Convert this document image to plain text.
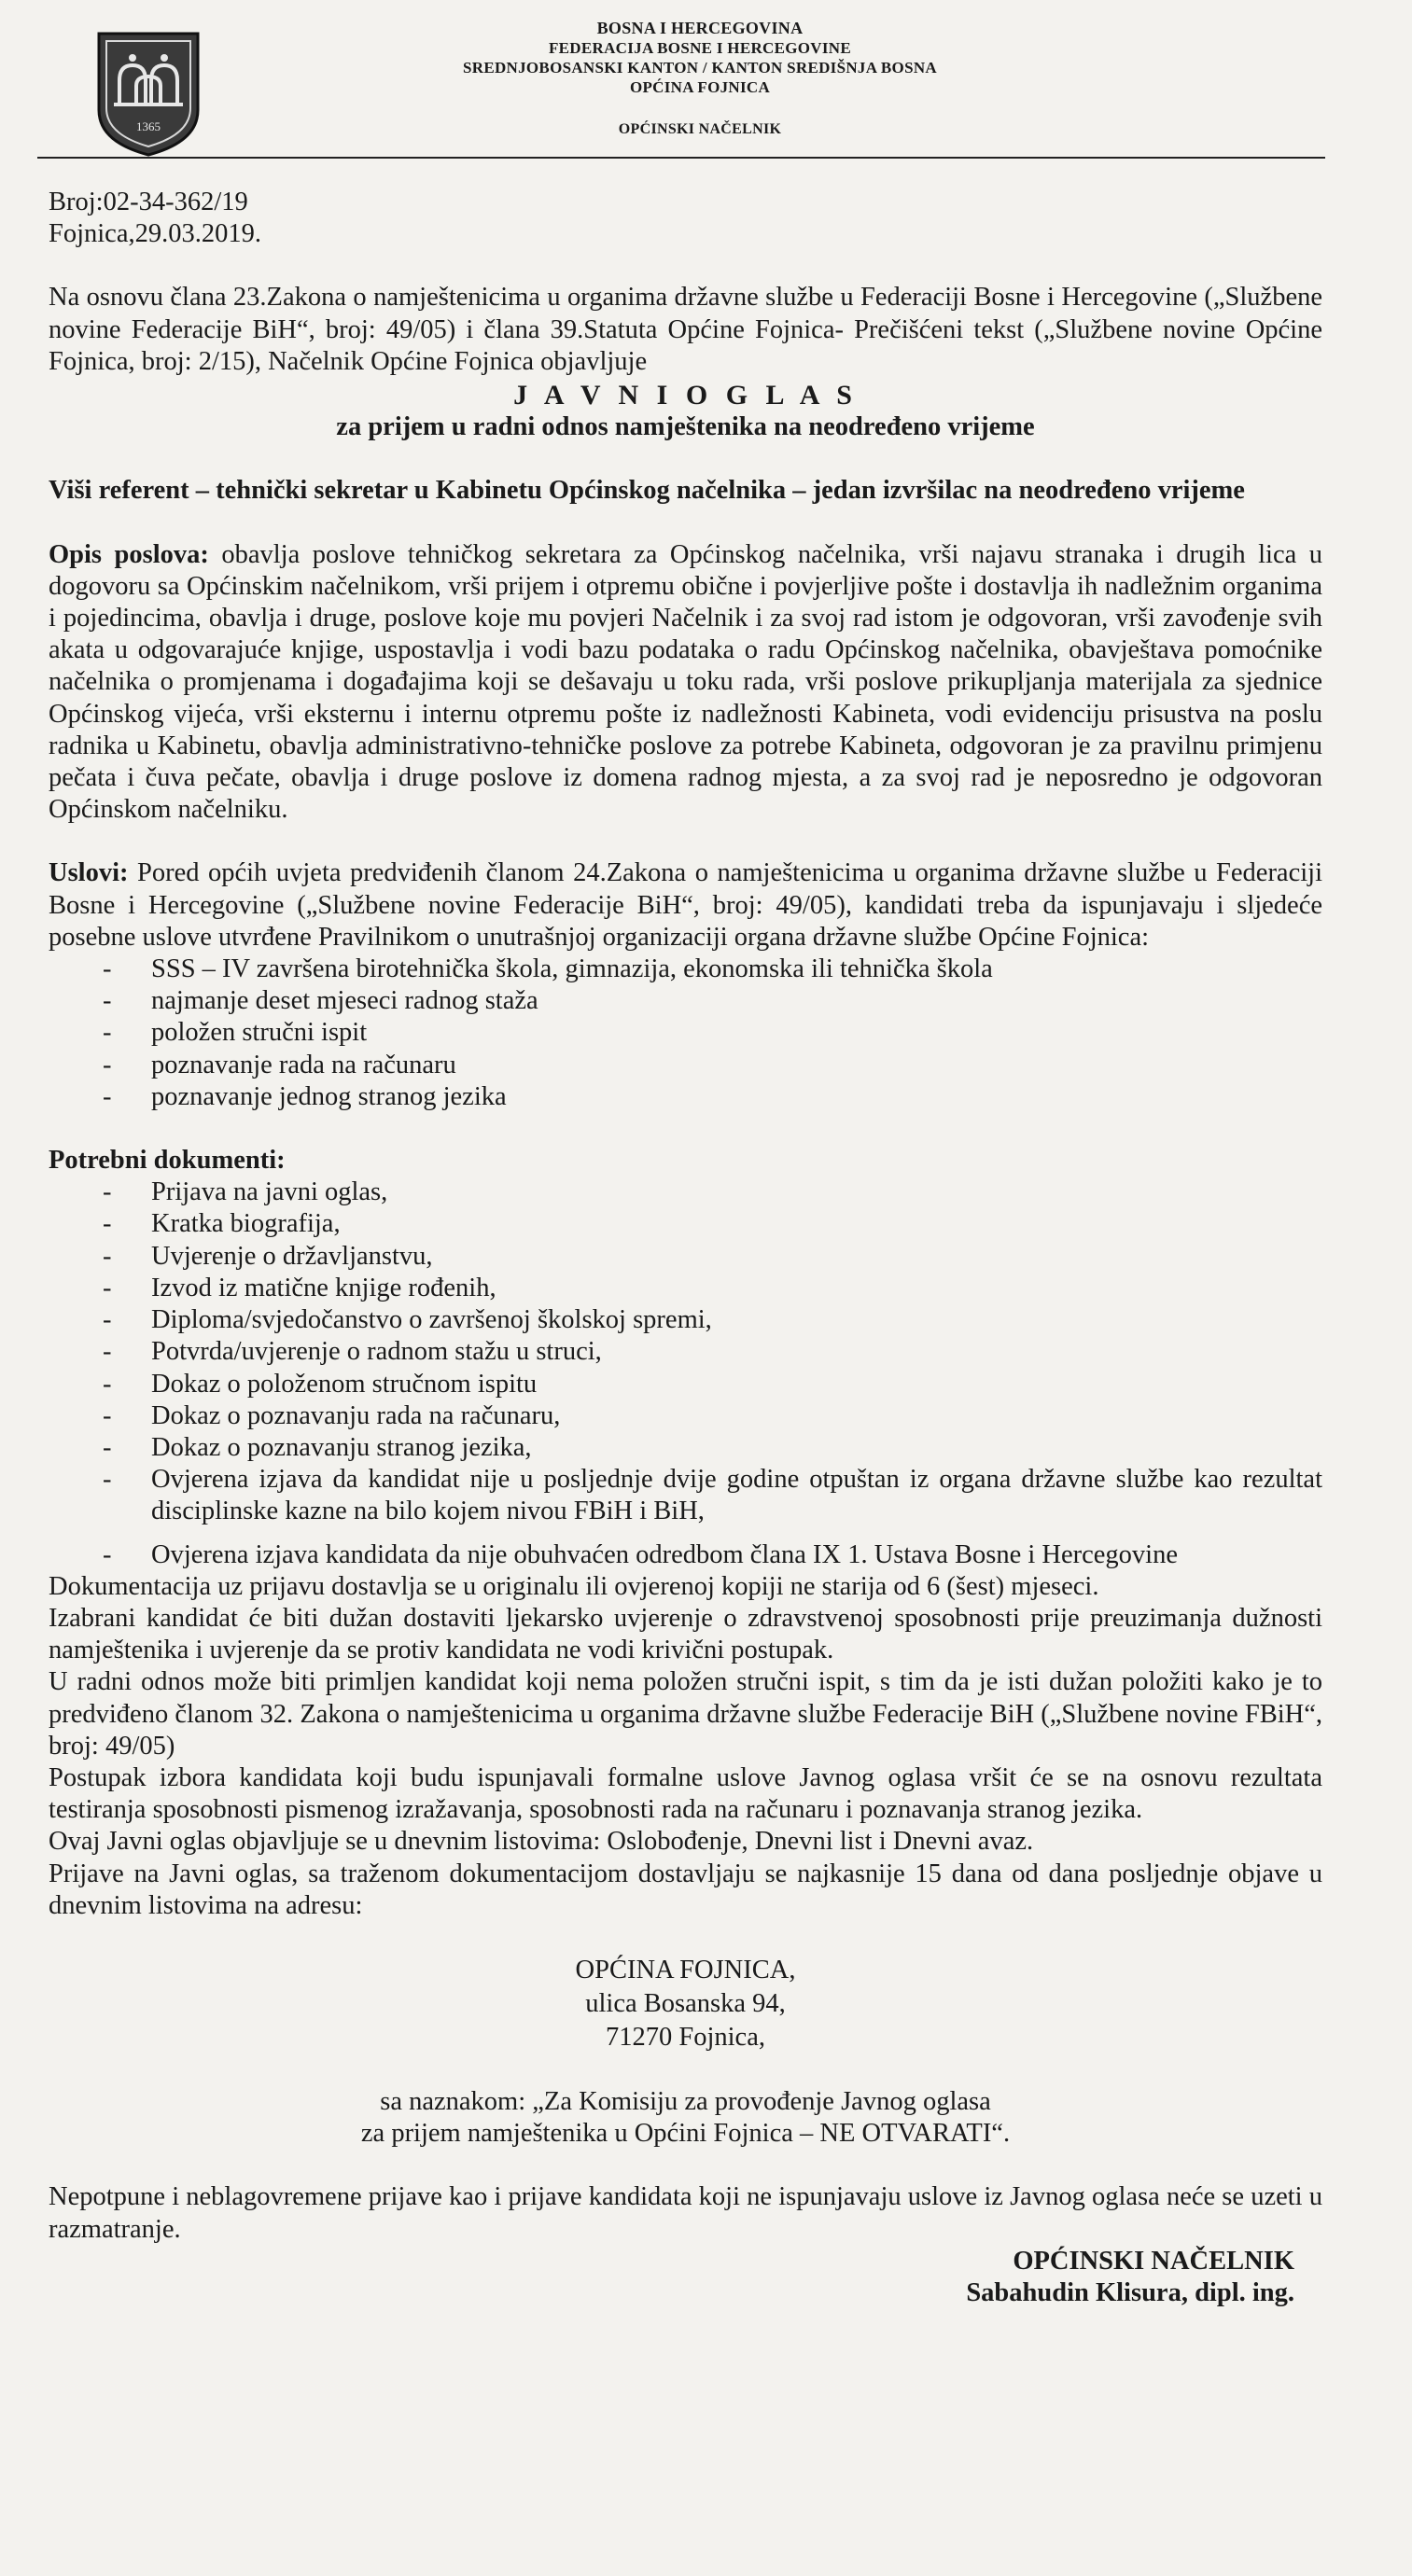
1365
BOSNA I HERCEGOVINA
FEDERACIJA BOSNE I HERCEGOVINE
SREDNJOBOSANSKI KANTON / KANTON SREDIŠNJA BOSNA
OPĆINA FOJNICA
OPĆINSKI NAČELNIK

Broj:02-34-362/19

Fojnica,29.03.2019.

Na osnovu člana 23.Zakona o namještenicima u organima državne službe u Federaciji Bosne i Hercegovine („Službene novine Federacije BiH“, broj: 49/05) i člana 39.Statuta Općine Fojnica- Prečišćeni tekst („Službene novine Općine Fojnica, broj: 2/15), Načelnik Općine Fojnica objavljuje

J A V N I O G L A S
za prijem u radni odnos namještenika na neodređeno vrijeme

Viši referent – tehnički sekretar u Kabinetu Općinskog načelnika – jedan izvršilac na neodređeno vrijeme

Opis poslova: obavlja poslove tehničkog sekretara za Općinskog načelnika, vrši najavu stranaka i drugih lica u dogovoru sa Općinskim načelnikom, vrši prijem i otpremu obične i povjerljive pošte i dostavlja ih nadležnim organima i pojedincima, obavlja i druge, poslove koje mu povjeri Načelnik i za svoj rad istom je odgovoran, vrši zavođenje svih akata u odgovarajuće knjige, uspostavlja i vodi bazu podataka o radu Općinskog načelnika, obavještava pomoćnike načelnika o promjenama i događajima koji se dešavaju u toku rada, vrši poslove prikupljanja materijala za sjednice Općinskog vijeća, vrši eksternu i internu otpremu pošte iz nadležnosti Kabineta, vodi evidenciju prisustva na poslu radnika u Kabinetu, obavlja administrativno-tehničke poslove za potrebe Kabineta, odgovoran je za pravilnu primjenu pečata i čuva pečate, obavlja i druge poslove iz domena radnog mjesta, a za svoj rad je neposredno je odgovoran Općinskom načelniku.

Uslovi: Pored općih uvjeta predviđenih članom 24.Zakona o namještenicima u organima državne službe u Federaciji Bosne i Hercegovine („Službene novine Federacije BiH“, broj: 49/05), kandidati treba da ispunjavaju i sljedeće posebne uslove utvrđene Pravilnikom o unutrašnjoj organizaciji organa državne službe Općine Fojnica:

- SSS – IV završena birotehnička škola, gimnazija, ekonomska ili tehnička škola
- najmanje deset mjeseci radnog staža
- položen stručni ispit
- poznavanje rada na računaru
- poznavanje jednog stranog jezika

Potrebni dokumenti:

- Prijava na javni oglas,
- Kratka biografija,
- Uvjerenje o državljanstvu,
- Izvod iz matične knjige rođenih,
- Diploma/svjedočanstvo o završenoj školskoj spremi,
- Potvrda/uvjerenje o radnom stažu u struci,
- Dokaz o položenom stručnom ispitu
- Dokaz o poznavanju rada na računaru,
- Dokaz o poznavanju stranog jezika,
- Ovjerena izjava da kandidat nije u posljednje dvije godine otpuštan iz organa državne službe kao rezultat disciplinske kazne na bilo kojem nivou FBiH i BiH,
- Ovjerena izjava kandidata da nije obuhvaćen odredbom člana IX 1. Ustava Bosne i Hercegovine

Dokumentacija uz prijavu dostavlja se u originalu ili ovjerenoj kopiji ne starija od 6 (šest) mjeseci.

Izabrani kandidat će biti dužan dostaviti ljekarsko uvjerenje o zdravstvenoj sposobnosti prije preuzimanja dužnosti namještenika i uvjerenje da se protiv kandidata ne vodi krivični postupak.

U radni odnos može biti primljen kandidat koji nema položen stručni ispit, s tim da je isti dužan položiti kako je to predviđeno članom 32. Zakona o namještenicima u organima državne službe Federacije BiH („Službene novine FBiH“, broj: 49/05)

Postupak izbora kandidata koji budu ispunjavali formalne uslove Javnog oglasa vršit će se na osnovu rezultata testiranja sposobnosti pismenog izražavanja, sposobnosti rada na računaru i poznavanja stranog jezika.

Ovaj Javni oglas objavljuje se u dnevnim listovima: Oslobođenje, Dnevni list i Dnevni avaz.

Prijave na Javni oglas, sa traženom dokumentacijom dostavljaju se najkasnije 15 dana od dana posljednje objave u dnevnim listovima na adresu:

OPĆINA FOJNICA,
ulica Bosanska 94,
71270 Fojnica,
sa naznakom: „Za Komisiju za provođenje Javnog oglasa
za prijem namještenika u Općini Fojnica – NE OTVARATI“.

Nepotpune i neblagovremene prijave kao i prijave kandidata koji ne ispunjavaju uslove iz Javnog oglasa neće se uzeti u razmatranje.

OPĆINSKI NAČELNIK
Sabahudin Klisura, dipl. ing.
